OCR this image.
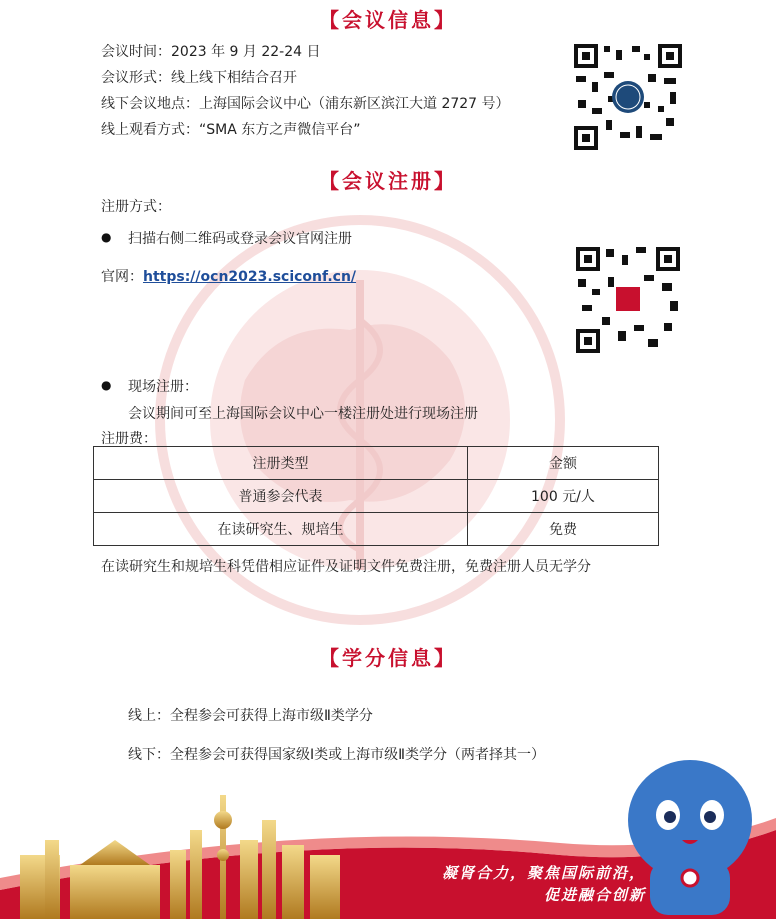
【会议信息】
会议时间：2023 年 9 月 22-24 日
会议形式：线上线下相结合召开
线下会议地点：上海国际会议中心（浦东新区滨江大道 2727 号）
线上观看方式：“SMA 东方之声微信平台”
【会议注册】
注册方式：
● 扫描右侧二维码或登录会议官网注册
官网：https://ocn2023.sciconf.cn/
● 现场注册：
会议期间可至上海国际会议中心一楼注册处进行现场注册
注册费：
注册类型	金额
普通参会代表	100 元/人
在读研究生、规培生	免费
在读研究生和规培生科凭借相应证件及证明文件免费注册，免费注册人员无学分
【学分信息】
线上：全程参会可获得上海市级Ⅱ类学分
线下：全程参会可获得国家级Ⅰ类或上海市级Ⅱ类学分（两者择其一）
凝肾合力，聚焦国际前沿，
促进融合创新
